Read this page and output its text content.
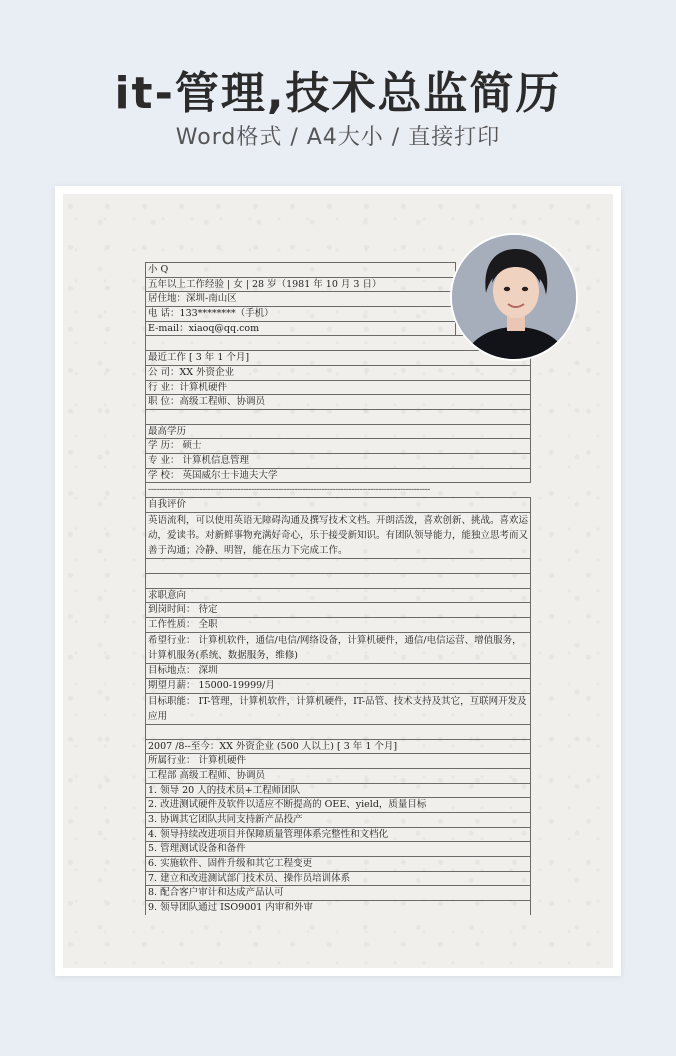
it-管理,技术总监简历
Word格式 / A4大小 / 直接打印
小 Q
五年以上工作经验 | 女 | 28 岁（1981 年 10 月 3 日）
居住地：深圳-南山区
电 话：133********（手机）
E-mail：xiaoq@qq.com
最近工作 [ 3 年 1 个月]
公 司：XX 外资企业
行 业：计算机硬件
职 位：高级工程师、协调员
最高学历
学 历： 硕士
专 业： 计算机信息管理
学 校： 英国威尔士卡迪夫大学
--------------------------------------------------------------------------------------------------------
自我评价
英语流利，可以使用英语无障碍沟通及撰写技术文档。开朗活泼，喜欢创新、挑战。喜欢运动，爱读书。对新鲜事物充满好奇心，乐于接受新知识。有团队领导能力，能独立思考而又善于沟通；冷静、明智，能在压力下完成工作。
求职意向
到岗时间： 待定
工作性质： 全职
希望行业： 计算机软件，通信/电信/网络设备，计算机硬件，通信/电信运营、增值服务，计算机服务(系统、数据服务，维修)
目标地点： 深圳
期望月薪： 15000-19999/月
目标职能： IT-管理，计算机软件，计算机硬件，IT-品管、技术支持及其它，互联网开发及应用
2007 /8--至今：XX 外资企业 (500 人以上) [ 3 年 1 个月]
所属行业： 计算机硬件
工程部 高级工程师、协调员
1. 领导 20 人的技术员+工程师团队
2. 改进测试硬件及软件以适应不断提高的 OEE、yield，质量目标
3. 协调其它团队共同支持新产品投产
4. 领导持续改进项目并保障质量管理体系完整性和文档化
5. 管理测试设备和备件
6. 实施软件、固件升级和其它工程变更
7. 建立和改进测试部门技术员、操作员培训体系
8. 配合客户审计和达成产品认可
9. 领导团队通过 ISO9001 内审和外审
